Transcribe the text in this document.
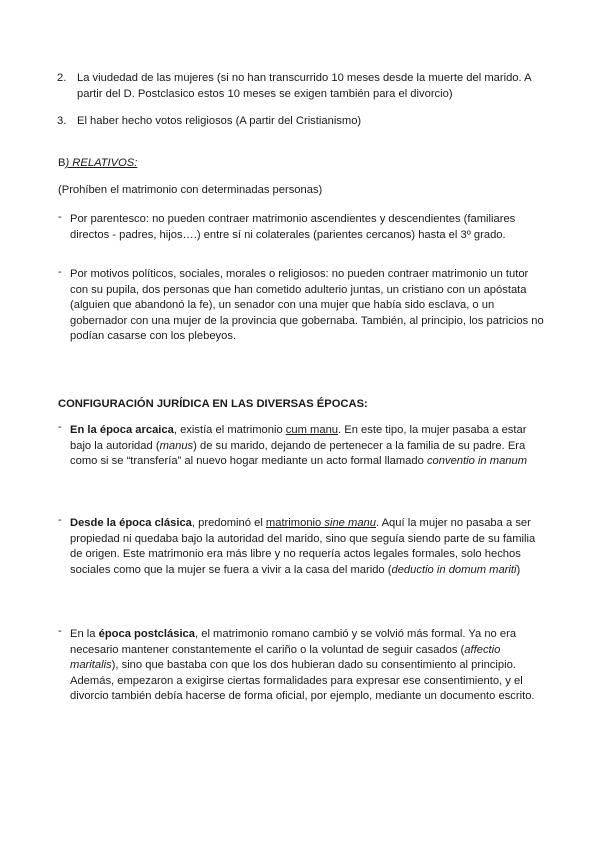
2. La viudedad de las mujeres (si no han transcurrido 10 meses desde la muerte del marido. A partir del D. Postclasico estos 10 meses se exigen también para el divorcio)
3. El haber hecho votos religiosos (A partir del Cristianismo)
B) RELATIVOS:
(Prohíben el matrimonio con determinadas personas)
- Por parentesco: no pueden contraer matrimonio ascendientes y descendientes (familiares directos - padres, hijos….) entre sí ni colaterales (parientes cercanos) hasta el 3º grado.
- Por motivos políticos, sociales, morales o religiosos: no pueden contraer matrimonio un tutor con su pupila, dos personas que han cometido adulterio juntas, un cristiano con un apóstata (alguien que abandonó la fe), un senador con una mujer que había sido esclava, o un gobernador con una mujer de la provincia que gobernaba. También, al principio, los patricios no podían casarse con los plebeyos.
CONFIGURACIÓN JURÍDICA EN LAS DIVERSAS ÉPOCAS:
- En la época arcaica, existía el matrimonio cum manu. En este tipo, la mujer pasaba a estar bajo la autoridad (manus) de su marido, dejando de pertenecer a la familia de su padre. Era como si se “transfería” al nuevo hogar mediante un acto formal llamado conventio in manum
- Desde la época clásica, predominó el matrimonio sine manu. Aquí la mujer no pasaba a ser propiedad ni quedaba bajo la autoridad del marido, sino que seguía siendo parte de su familia de origen. Este matrimonio era más libre y no requería actos legales formales, solo hechos sociales como que la mujer se fuera a vivir a la casa del marido (deductio in domum mariti)
- En la época postclásica, el matrimonio romano cambió y se volvió más formal. Ya no era necesario mantener constantemente el cariño o la voluntad de seguir casados (affectio maritalis), sino que bastaba con que los dos hubieran dado su consentimiento al principio. Además, empezaron a exigirse ciertas formalidades para expresar ese consentimiento, y el divorcio también debía hacerse de forma oficial, por ejemplo, mediante un documento escrito.
